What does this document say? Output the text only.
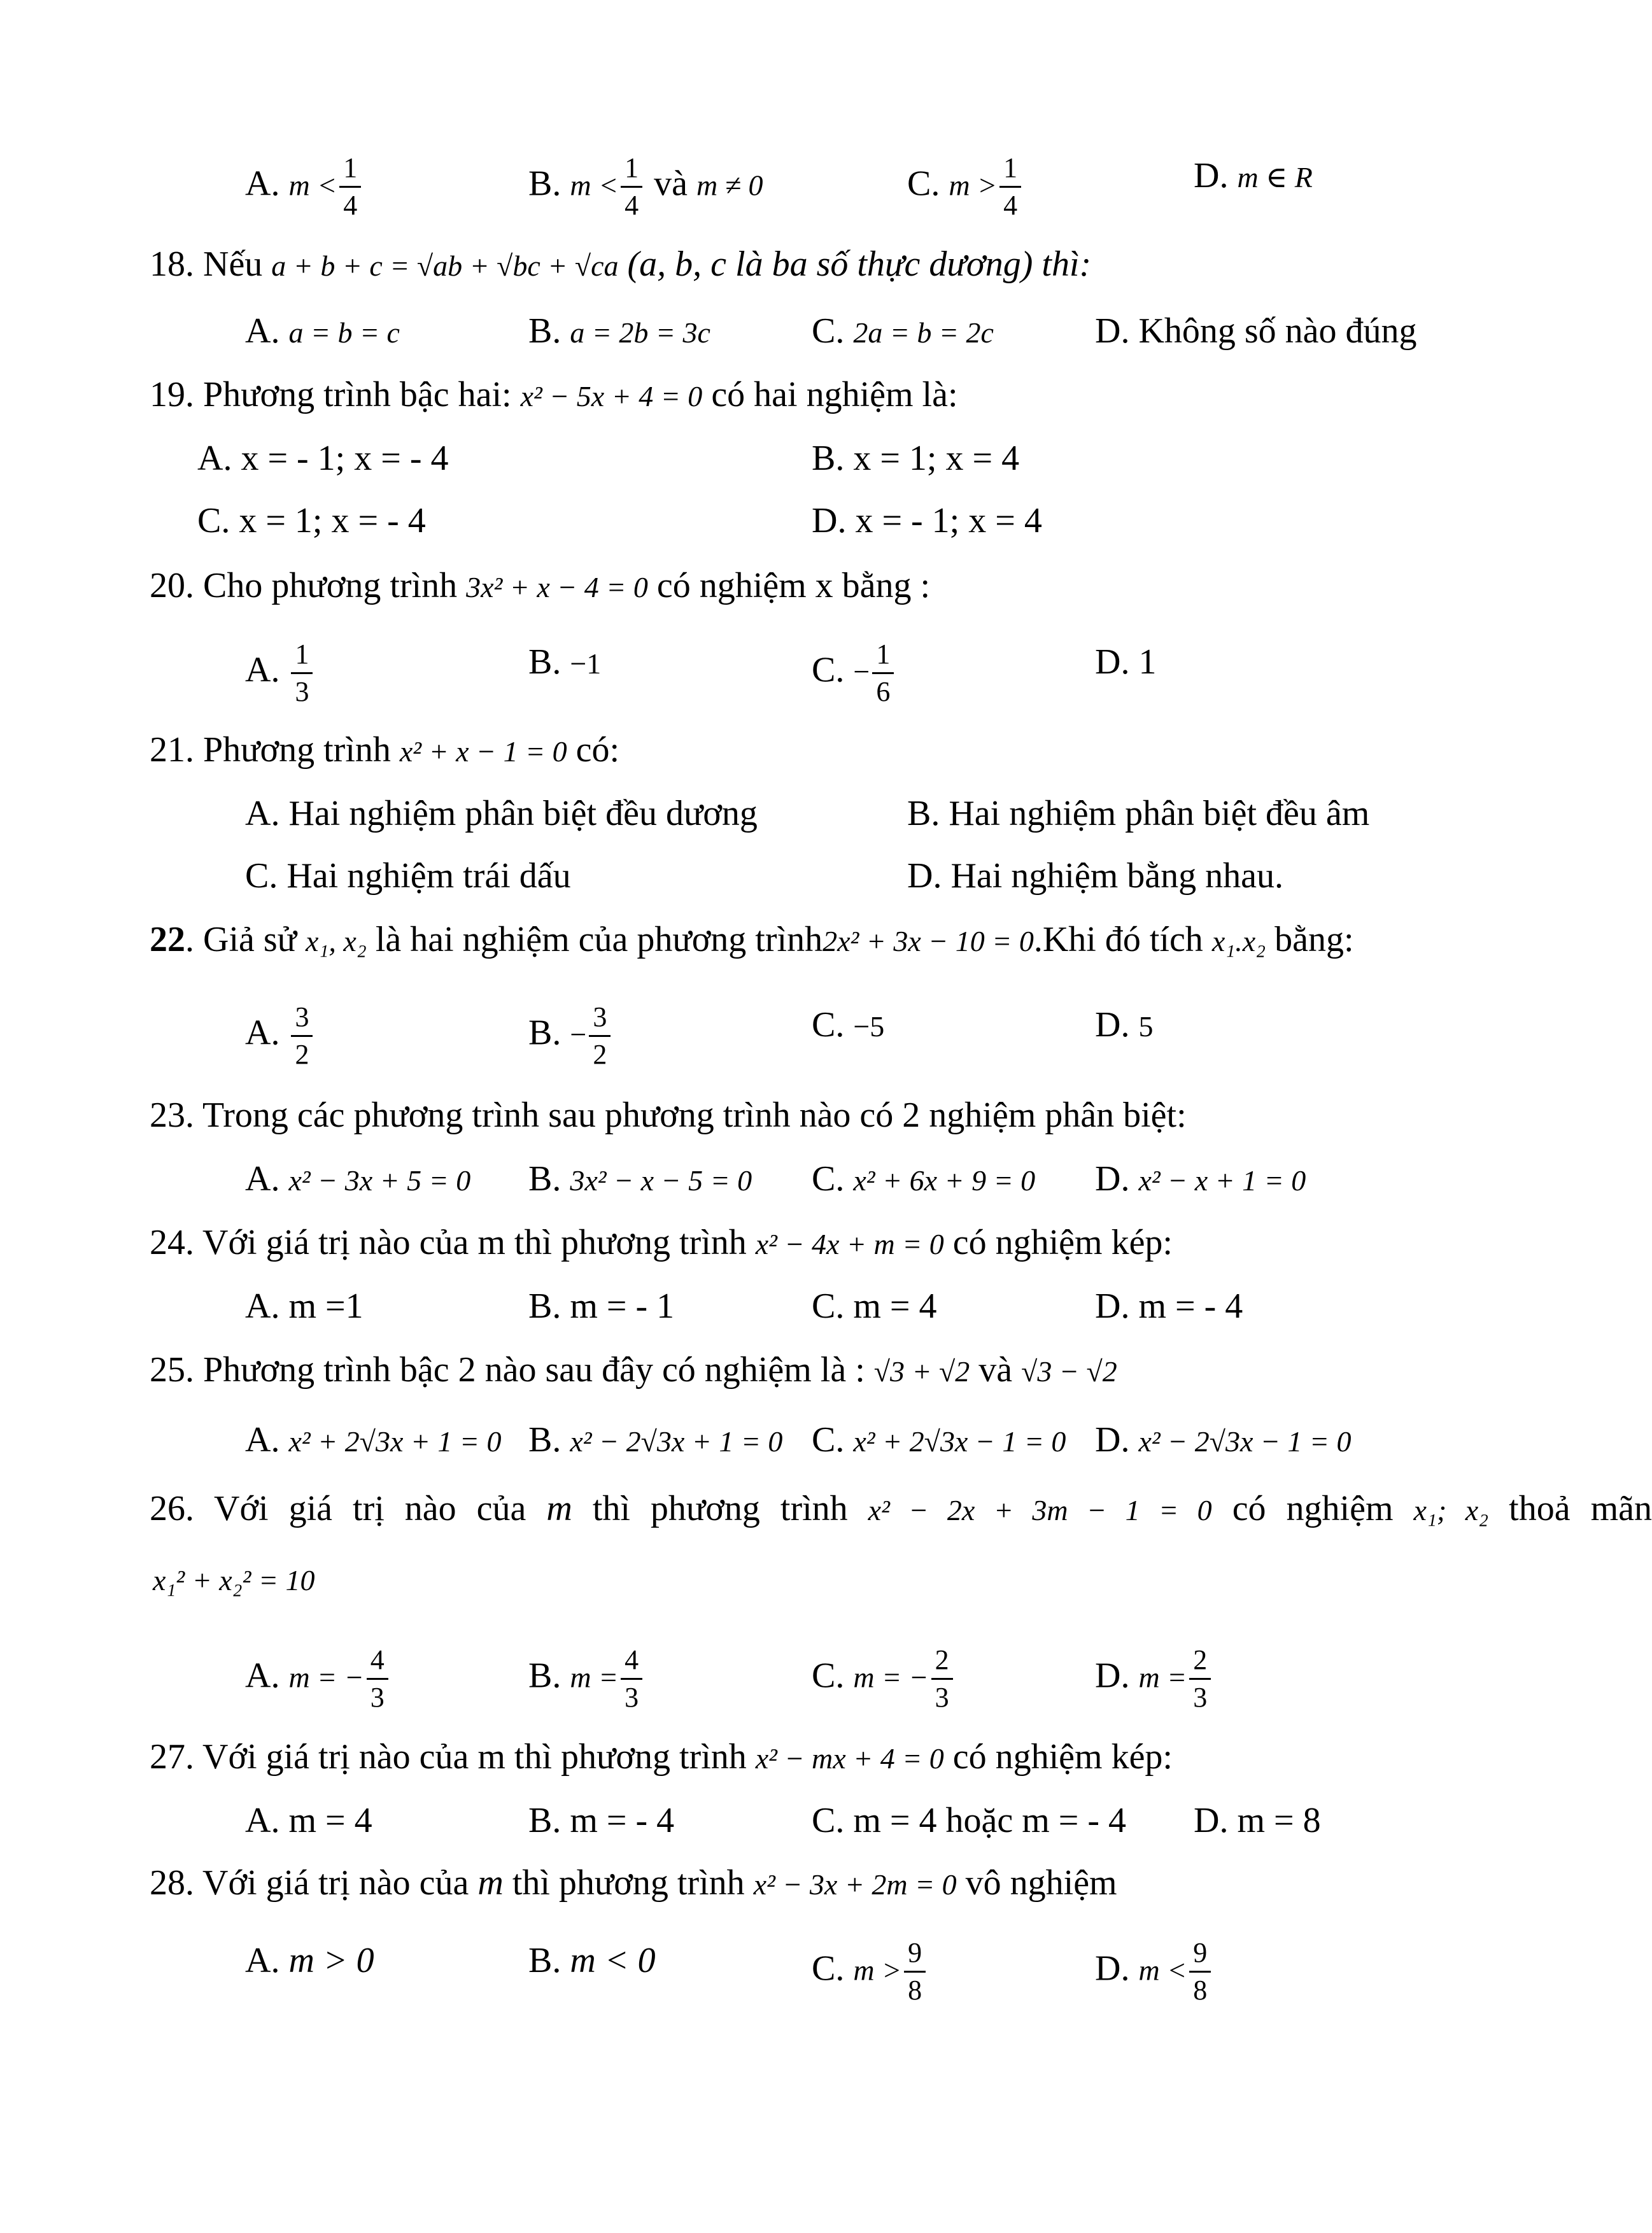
A. $m < \frac{1}{4}$	B. $m < \frac{1}{4}$ và m ≠ 0	C. $m > \frac{1}{4}$	D. m ∈ R
18. Nếu a + b + c = √ab + √bc + √ca (a, b, c là ba số thực dương) thì:
A. a = b = c	B. a = 2b = 3c	C. 2a = b = 2c	D. Không số nào đúng
19. Phương trình bậc hai: x² − 5x + 4 = 0 có hai nghiệm là:
A. x = - 1; x = - 4	B. x = 1; x = 4
C. x = 1; x = - 4	D. x = - 1; x = 4
20. Cho phương trình 3x² + x − 4 = 0 có nghiệm x bằng :
A. $\frac{1}{3}$	B. −1	C. − $\frac{1}{6}$	D. 1
21. Phương trình x² + x − 1 = 0 có:
A. Hai nghiệm phân biệt đều dương	B. Hai nghiệm phân biệt đều âm
C. Hai nghiệm trái dấu	D. Hai nghiệm bằng nhau.
22. Giả sử x₁, x₂ là hai nghiệm của phương trình2x² + 3x − 10 = 0.Khi đó tích x₁.x₂ bằng:
A. $\frac{3}{2}$	B. − $\frac{3}{2}$	C. −5	D. 5
23. Trong các phương trình sau phương trình nào có 2 nghiệm phân biệt:
A. x² − 3x + 5 = 0 B. 3x² − x − 5 = 0 C. x² + 6x + 9 = 0 D. x² − x + 1 = 0
24. Với giá trị nào của m thì phương trình x² − 4x + m = 0 có nghiệm kép:
A. m =1	B. m = - 1	C. m = 4	D. m = - 4
25. Phương trình bậc 2 nào sau đây có nghiệm là : √3 + √2 và √3 − √2
A. x² + 2√3x + 1 = 0 B. x² − 2√3x + 1 = 0 C. x² + 2√3x − 1 = 0 D. x² − 2√3x − 1 = 0
26. Với giá trị nào của m thì phương trình x² − 2x + 3m − 1 = 0 có nghiệm x₁; x₂ thoả mãn
x₁² + x₂² = 10
A. m = − $\frac{4}{3}$	B. $m = \frac{4}{3}$	C. m = − $\frac{2}{3}$	D. $m = \frac{2}{3}$
27. Với giá trị nào của m thì phương trình x² − mx + 4 = 0 có nghiệm kép:
A. m = 4	B. m = - 4	C. m = 4 hoặc m = - 4 D. m = 8
28. Với giá trị nào của m thì phương trình x² − 3x + 2m = 0 vô nghiệm
A. m > 0	B. m < 0	C. $m > \frac{9}{8}$	D. $m < \frac{9}{8}$
